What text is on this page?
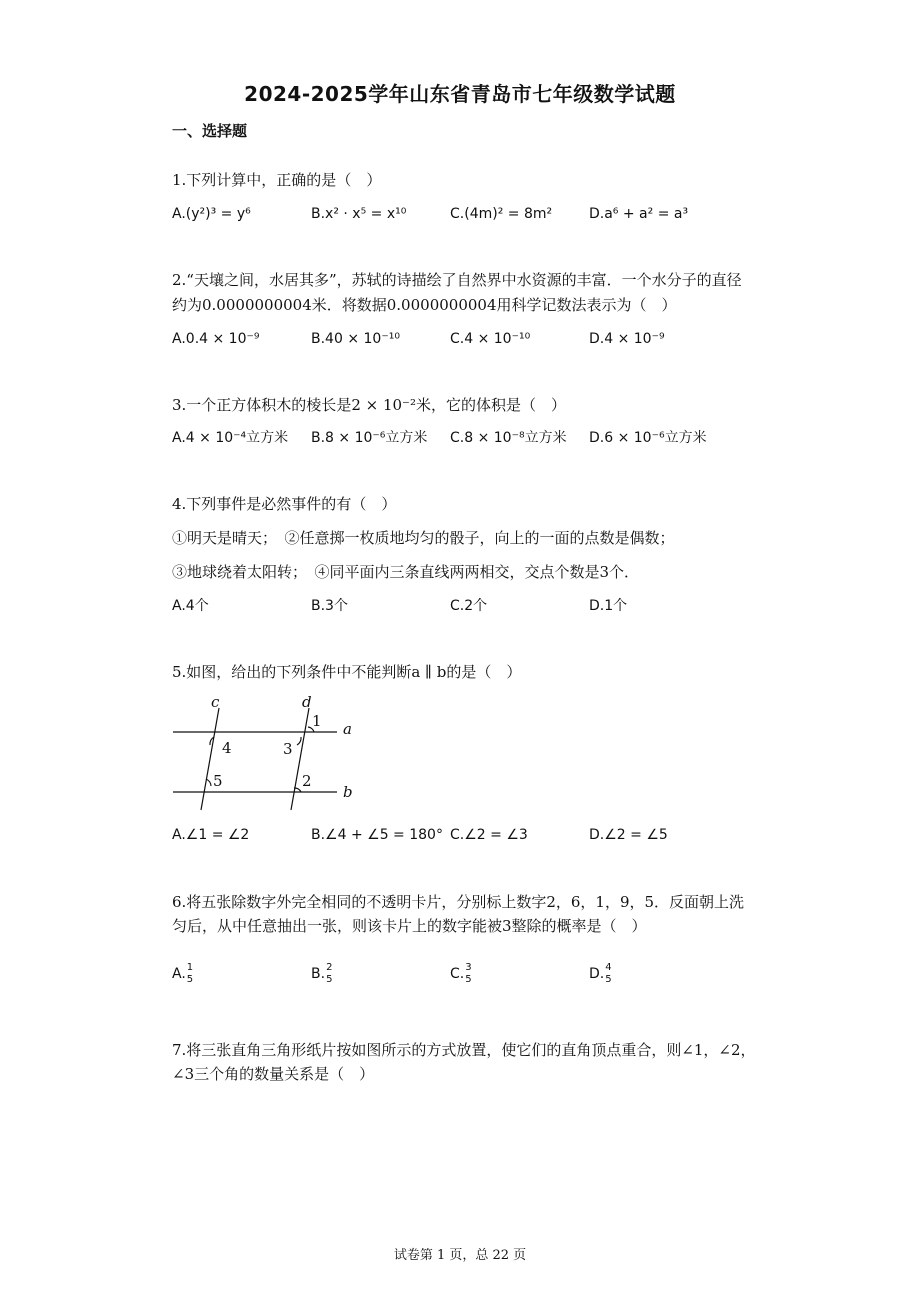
2024-2025学年山东省青岛市七年级数学试题
一、选择题
1.下列计算中，正确的是（　）
A.(y²)³ = y⁶	B.x² · x⁵ = x¹⁰	C.(4m)² = 8m²	D.a⁶ + a² = a³
2.“天壤之间，水居其多”，苏轼的诗描绘了自然界中水资源的丰富．一个水分子的直径
约为0.0000000004米．将数据0.0000000004用科学记数法表示为（　）
A.0.4 × 10⁻⁹	B.40 × 10⁻¹⁰	C.4 × 10⁻¹⁰	D.4 × 10⁻⁹
3.一个正方体积木的棱长是2 × 10⁻²米，它的体积是（　）
A.4 × 10⁻⁴立方米 B.8 × 10⁻⁶立方米 C.8 × 10⁻⁸立方米 D.6 × 10⁻⁶立方米
4.下列事件是必然事件的有（　）
①明天是晴天；　②任意掷一枚质地均匀的骰子，向上的一面的点数是偶数；
③地球绕着太阳转；　④同平面内三条直线两两相交，交点个数是3个．
A.4个	B.3个	C.2个	D.1个
5.如图，给出的下列条件中不能判断a ∥ b的是（　）
c	d
a
b
1
2
3
4
5
A.∠1 = ∠2	B.∠4 + ∠5 = 180° C.∠2 = ∠3	D.∠2 = ∠5
6.将五张除数字外完全相同的不透明卡片，分别标上数字2，6，1，9，5．反面朝上洗
匀后，从中任意抽出一张，则该卡片上的数字能被3整除的概率是（　）
A. 1
5	B. 2
5	C. 3
5	D. 4
5
7.将三张直角三角形纸片按如图所示的方式放置，使它们的直角顶点重合，则∠1，∠2，
∠3三个角的数量关系是（　）
试卷第 1 页，总 22 页
